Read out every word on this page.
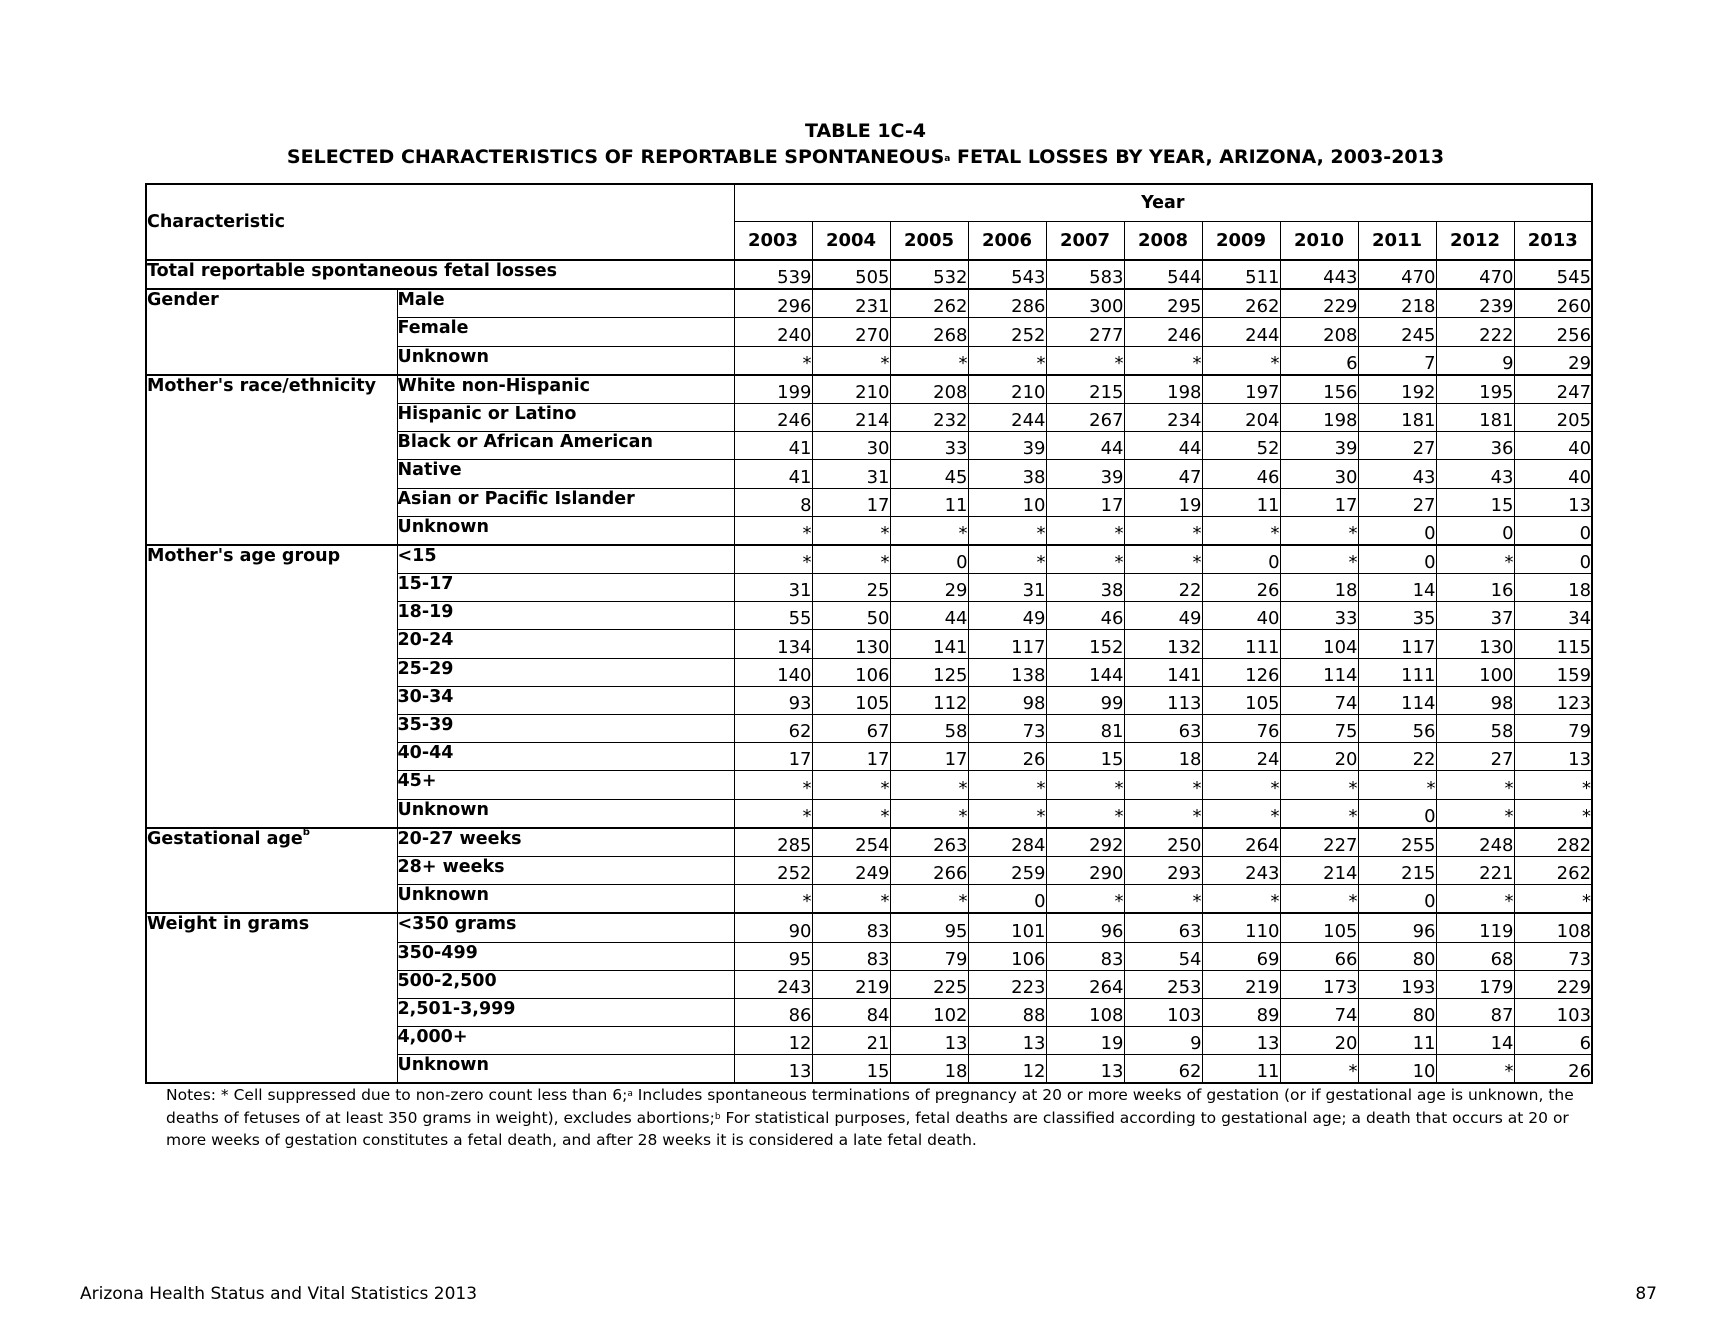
TABLE 1C-4
SELECTED CHARACTERISTICS OF REPORTABLE SPONTANEOUS$^a$ FETAL LOSSES BY YEAR, ARIZONA, 2003-2013
Characteristic		Year										
		2003	2004	2005	2006	2007	2008	2009	2010	2011	2012	2013
Total reportable spontaneous fetal losses		539	505	532	543	583	544	511	443	470	470	545
Gender	Male	296	231	262	286	300	295	262	229	218	239	260
	Female	240	270	268	252	277	246	244	208	245	222	256
	Unknown	*	*	*	*	*	*	*	6	7	9	29
Mother's race/ethnicity	White non-Hispanic	199	210	208	210	215	198	197	156	192	195	247
	Hispanic or Latino	246	214	232	244	267	234	204	198	181	181	205
	Black or African American	41	30	33	39	44	44	52	39	27	36	40
	Native	41	31	45	38	39	47	46	30	43	43	40
	Asian or Pacific Islander	8	17	11	10	17	19	11	17	27	15	13
	Unknown	*	*	*	*	*	*	*	*	0	0	0
Mother's age group	<15	*	*	0	*	*	*	0	*	0	*	0
	15-17	31	25	29	31	38	22	26	18	14	16	18
	18-19	55	50	44	49	46	49	40	33	35	37	34
	20-24	134	130	141	117	152	132	111	104	117	130	115
	25-29	140	106	125	138	144	141	126	114	111	100	159
	30-34	93	105	112	98	99	113	105	74	114	98	123
	35-39	62	67	58	73	81	63	76	75	56	58	79
	40-44	17	17	17	26	15	18	24	20	22	27	13
	45+	*	*	*	*	*	*	*	*	*	*	*
	Unknown	*	*	*	*	*	*	*	*	0	*	*
Gestational age$^b$	20-27 weeks	285	254	263	284	292	250	264	227	255	248	282
	28+ weeks	252	249	266	259	290	293	243	214	215	221	262
	Unknown	*	*	*	0	*	*	*	*	0	*	*
Weight in grams	<350 grams	90	83	95	101	96	63	110	105	96	119	108
	350-499	95	83	79	106	83	54	69	66	80	68	73
	500-2,500	243	219	225	223	264	253	219	173	193	179	229
	2,501-3,999	86	84	102	88	108	103	89	74	80	87	103
	4,000+	12	21	13	13	19	9	13	20	11	14	6
	Unknown	13	15	18	12	13	62	11	*	10	*	26
Notes: * Cell suppressed due to non-zero count less than 6;$^a$ Includes spontaneous terminations of pregnancy at 20 or more weeks of gestation (or if gestational age is unknown, the deaths of fetuses of at least 350 grams in weight), excludes abortions;$^b$ For statistical purposes, fetal deaths are classified according to gestational age; a death that occurs at 20 or more weeks of gestation constitutes a fetal death, and after 28 weeks it is considered a late fetal death.
Arizona Health Status and Vital Statistics 2013	87
